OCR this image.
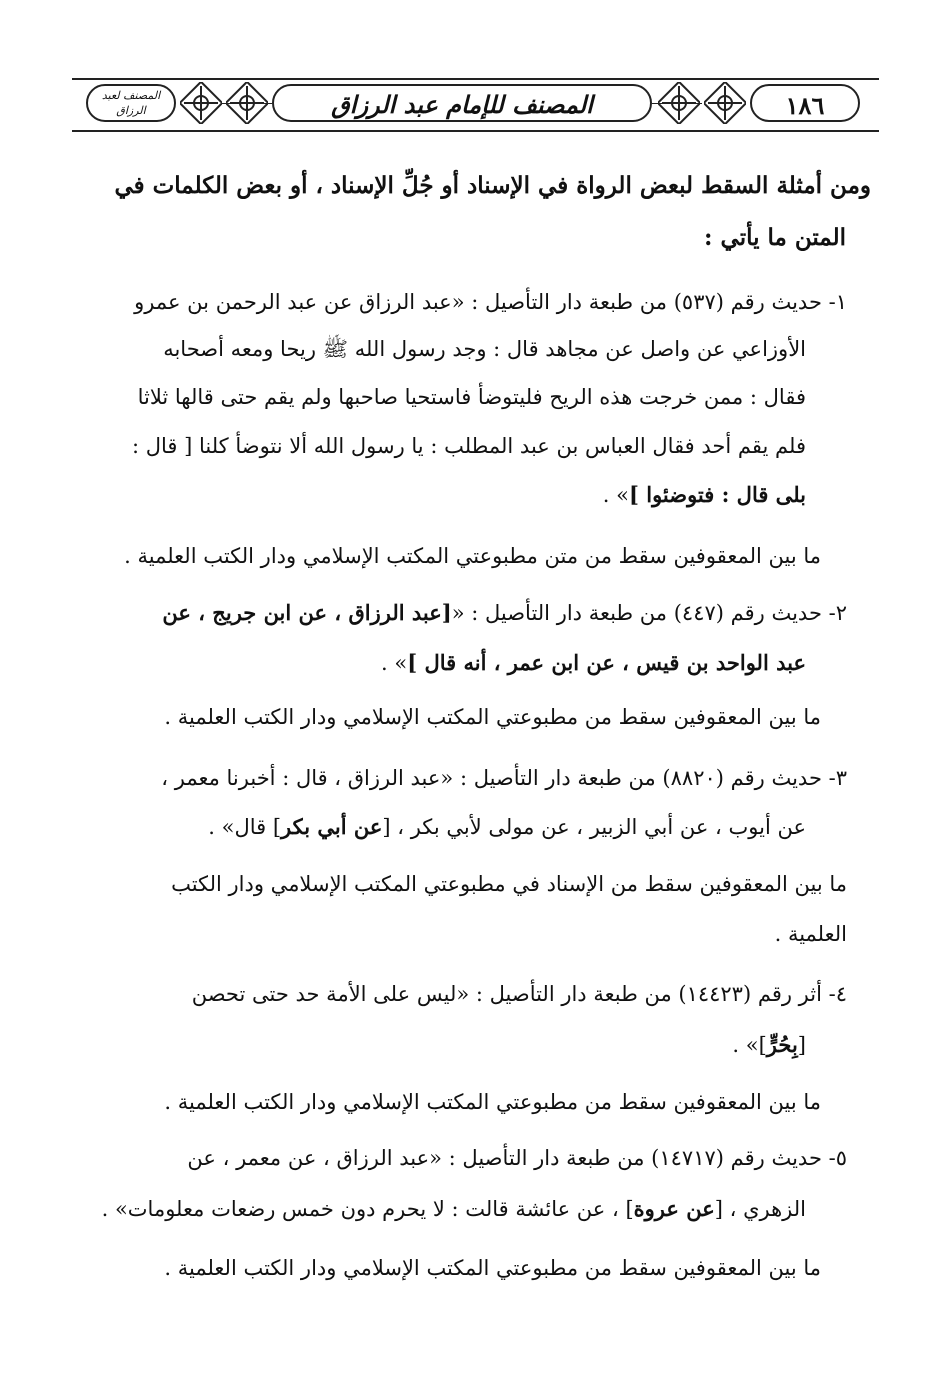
المصنف لعبد الرزاق	المصنف للإمام عبد الرزاق	١٨٦
ومن أمثلة السقط لبعض الرواة في الإسناد أو جُلِّ الإسناد ، أو بعض الكلمات في
المتن ما يأتي :
١- حديث رقم (٥٣٧) من طبعة دار التأصيل : «عبد الرزاق عن عبد الرحمن بن عمرو
الأوزاعي عن واصل عن مجاهد قال : وجد رسول الله ﷺ ريحا ومعه أصحابه
فقال : ممن خرجت هذه الريح فليتوضأ فاستحيا صاحبها ولم يقم حتى قالها ثلاثا
فلم يقم أحد فقال العباس بن عبد المطلب : يا رسول الله ألا نتوضأ كلنا [ قال :
بلى قال : فتوضئوا ]» .
ما بين المعقوفين سقط من متن مطبوعتي المكتب الإسلامي ودار الكتب العلمية .
٢- حديث رقم (٤٤٧) من طبعة دار التأصيل : «[عبد الرزاق ، عن ابن جريج ، عن
عبد الواحد بن قيس ، عن ابن عمر ، أنه قال ]» .
ما بين المعقوفين سقط من مطبوعتي المكتب الإسلامي ودار الكتب العلمية .
٣- حديث رقم (٨٨٢٠) من طبعة دار التأصيل : «عبد الرزاق ، قال : أخبرنا معمر ،
عن أيوب ، عن أبي الزبير ، عن مولى لأبي بكر ، [عن أبي بكر] قال» .
ما بين المعقوفين سقط من الإسناد في مطبوعتي المكتب الإسلامي ودار الكتب
العلمية .
٤- أثر رقم (١٤٤٢٣) من طبعة دار التأصيل : «ليس على الأمة حد حتى تحصن
[بِحُرٍّ]» .
ما بين المعقوفين سقط من مطبوعتي المكتب الإسلامي ودار الكتب العلمية .
٥- حديث رقم (١٤٧١٧) من طبعة دار التأصيل : «عبد الرزاق ، عن معمر ، عن
الزهري ، [عن عروة] ، عن عائشة قالت : لا يحرم دون خمس رضعات معلومات» .
ما بين المعقوفين سقط من مطبوعتي المكتب الإسلامي ودار الكتب العلمية .
